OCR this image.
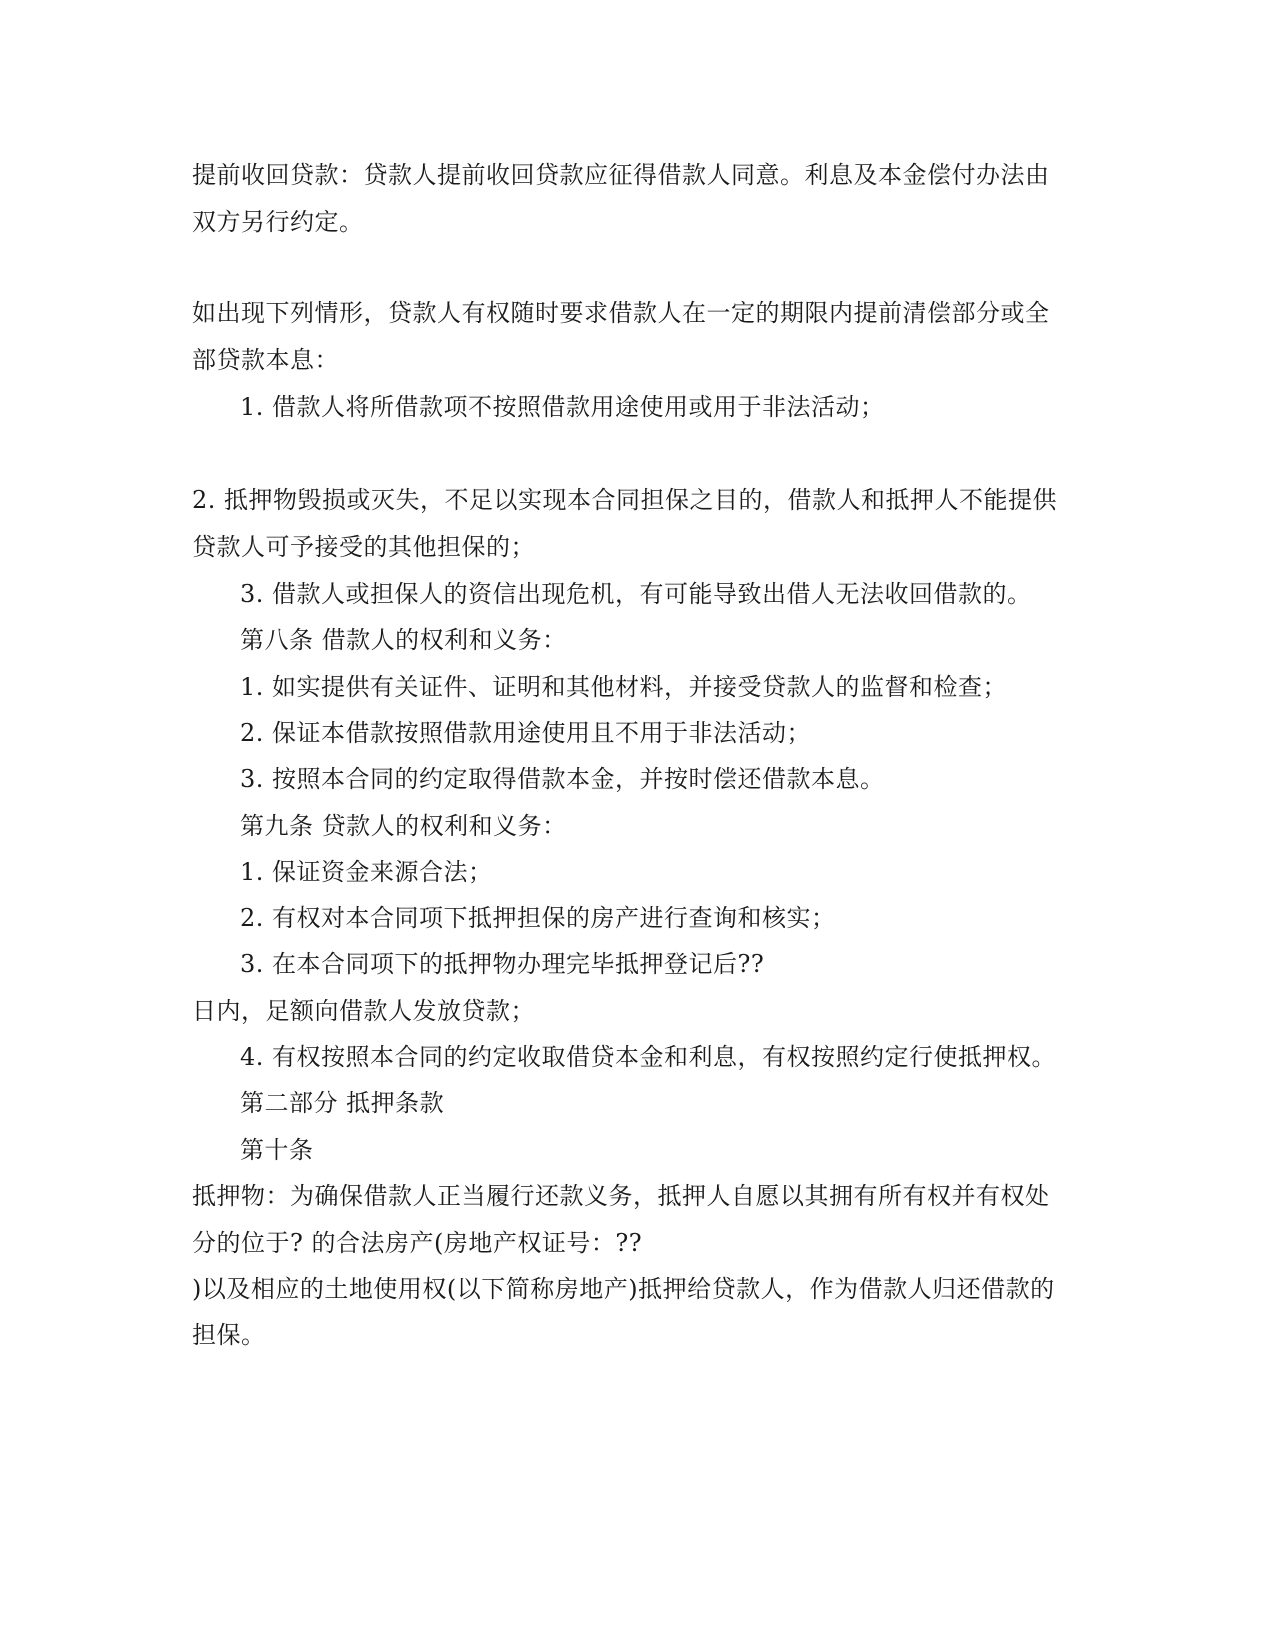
提前收回贷款：贷款人提前收回贷款应征得借款人同意。利息及本金偿付办法由
双方另行约定。
如出现下列情形，贷款人有权随时要求借款人在一定的期限内提前清偿部分或全
部贷款本息：
1. 借款人将所借款项不按照借款用途使用或用于非法活动；
2. 抵押物毁损或灭失，不足以实现本合同担保之目的，借款人和抵押人不能提供
贷款人可予接受的其他担保的；
3. 借款人或担保人的资信出现危机，有可能导致出借人无法收回借款的。
第八条 借款人的权利和义务：
1. 如实提供有关证件、证明和其他材料，并接受贷款人的监督和检查；
2. 保证本借款按照借款用途使用且不用于非法活动；
3. 按照本合同的约定取得借款本金，并按时偿还借款本息。
第九条 贷款人的权利和义务：
1. 保证资金来源合法；
2. 有权对本合同项下抵押担保的房产进行查询和核实；
3. 在本合同项下的抵押物办理完毕抵押登记后??
日内，足额向借款人发放贷款；
4. 有权按照本合同的约定收取借贷本金和利息，有权按照约定行使抵押权。
第二部分 抵押条款
第十条
抵押物：为确保借款人正当履行还款义务，抵押人自愿以其拥有所有权并有权处
分的位于? 的合法房产(房地产权证号：??
)以及相应的土地使用权(以下简称房地产)抵押给贷款人，作为借款人归还借款的
担保。
